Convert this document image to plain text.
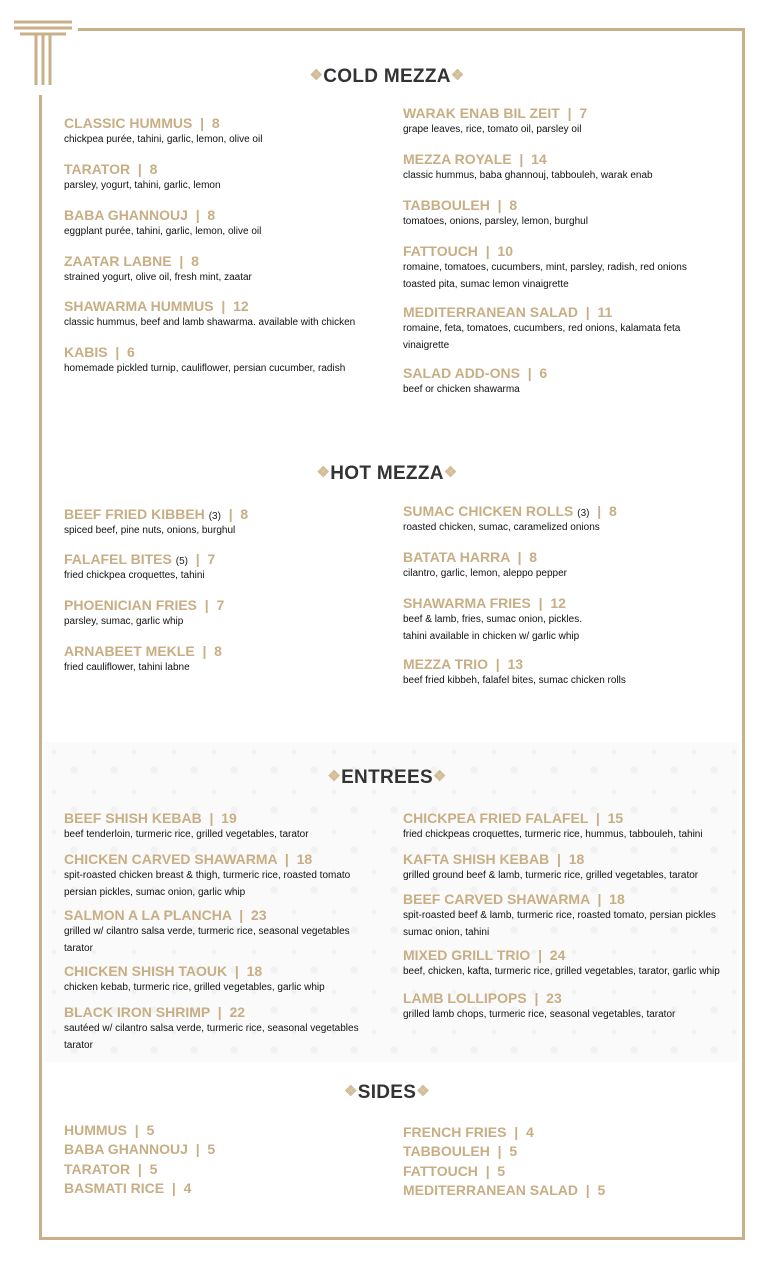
❖COLD MEZZA❖
CLASSIC HUMMUS  |  8
chickpea purée, tahini, garlic, lemon, olive oil
TARATOR  |  8
parsley, yogurt, tahini, garlic, lemon
BABA GHANNOUJ  |  8
eggplant purée, tahini, garlic, lemon, olive oil
ZAATAR LABNE  |  8
strained yogurt, olive oil, fresh mint, zaatar
SHAWARMA HUMMUS  |  12
classic hummus, beef and lamb shawarma. available with chicken
KABIS  |  6
homemade pickled turnip, cauliflower, persian cucumber, radish
WARAK ENAB BIL ZEIT  |  7
grape leaves, rice, tomato oil, parsley oil
MEZZA ROYALE  |  14
classic hummus, baba ghannouj, tabbouleh, warak enab
TABBOULEH  |  8
tomatoes, onions, parsley, lemon, burghul
FATTOUCH  |  10
romaine, tomatoes, cucumbers, mint, parsley, radish, red onions
toasted pita, sumac lemon vinaigrette
MEDITERRANEAN SALAD  |  11
romaine, feta, tomatoes, cucumbers, red onions, kalamata feta
vinaigrette
SALAD ADD-ONS  |  6
beef or chicken shawarma
❖HOT MEZZA❖
BEEF FRIED KIBBEH (3)  |  8
spiced beef, pine nuts, onions, burghul
FALAFEL BITES (5)  |  7
fried chickpea croquettes, tahini
PHOENICIAN FRIES  |  7
parsley, sumac, garlic whip
ARNABEET MEKLE  |  8
fried cauliflower, tahini labne
SUMAC CHICKEN ROLLS (3)  |  8
roasted chicken, sumac, caramelized onions
BATATA HARRA  |  8
cilantro, garlic, lemon, aleppo pepper
SHAWARMA FRIES  |  12
beef & lamb, fries, sumac onion, pickles.
tahini available in chicken w/ garlic whip
MEZZA TRIO  |  13
beef fried kibbeh, falafel bites, sumac chicken rolls
❖ENTREES❖
BEEF SHISH KEBAB  |  19
beef tenderloin, turmeric rice, grilled vegetables, tarator
CHICKEN CARVED SHAWARMA  |  18
spit-roasted chicken breast & thigh, turmeric rice, roasted tomato
persian pickles, sumac onion, garlic whip
SALMON A LA PLANCHA  |  23
grilled w/ cilantro salsa verde, turmeric rice, seasonal vegetables
tarator
CHICKEN SHISH TAOUK  |  18
chicken kebab, turmeric rice, grilled vegetables, garlic whip
BLACK IRON SHRIMP  |  22
sautéed w/ cilantro salsa verde, turmeric rice, seasonal vegetables
tarator
CHICKPEA FRIED FALAFEL  |  15
fried chickpeas croquettes, turmeric rice, hummus, tabbouleh, tahini
KAFTA SHISH KEBAB  |  18
grilled ground beef & lamb, turmeric rice, grilled vegetables, tarator
BEEF CARVED SHAWARMA  |  18
spit-roasted beef & lamb, turmeric rice, roasted tomato, persian pickles
sumac onion, tahini
MIXED GRILL TRIO  |  24
beef, chicken, kafta, turmeric rice, grilled vegetables, tarator, garlic whip
LAMB LOLLIPOPS  |  23
grilled lamb chops, turmeric rice, seasonal vegetables, tarator
❖SIDES❖
HUMMUS  |  5
BABA GHANNOUJ  |  5
TARATOR  |  5
BASMATI RICE  |  4
FRENCH FRIES  |  4
TABBOULEH  |  5
FATTOUCH  |  5
MEDITERRANEAN SALAD  |  5
